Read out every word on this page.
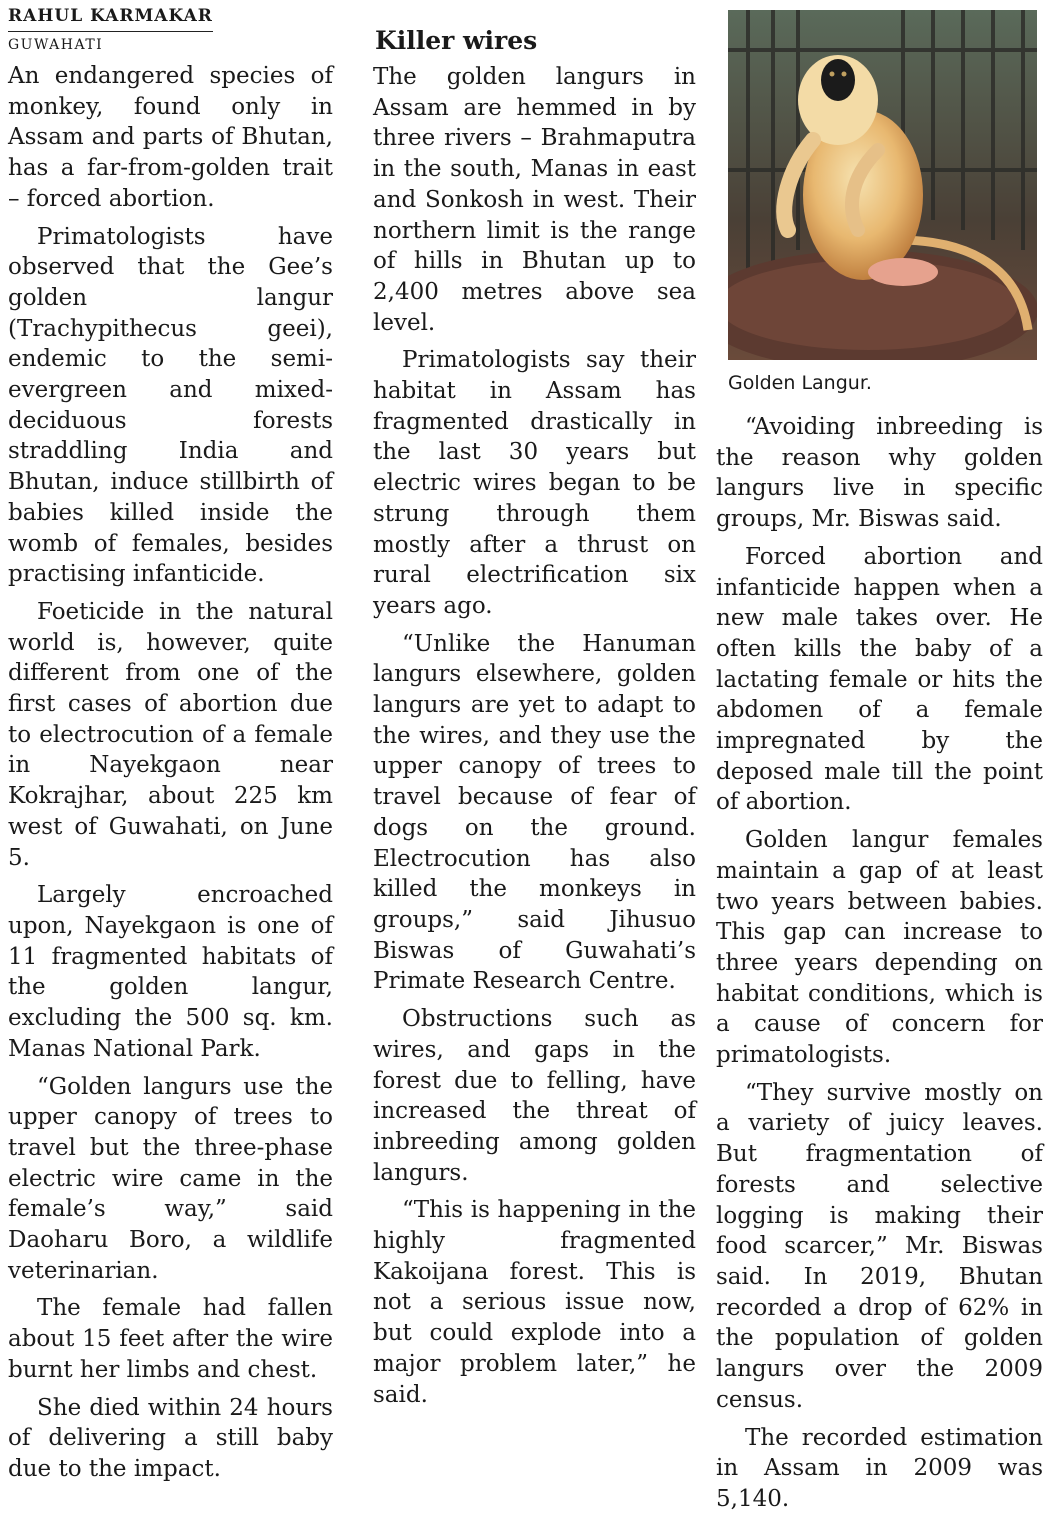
RAHUL KARMAKAR
GUWAHATI

An endangered species of monkey, found only in Assam and parts of Bhutan, has a far-from-golden trait – forced abortion.

Primatologists have observed that the Gee’s golden langur (Trachypithecus geei), endemic to the semi-evergreen and mixed-deciduous forests straddling India and Bhutan, induce stillbirth of babies killed inside the womb of females, besides practising infanticide.

Foeticide in the natural world is, however, quite different from one of the first cases of abortion due to electrocution of a female in Nayekgaon near Kokrajhar, about 225 km west of Guwahati, on June 5.

Largely encroached upon, Nayekgaon is one of 11 fragmented habitats of the golden langur, excluding the 500 sq. km. Manas National Park.

“Golden langurs use the upper canopy of trees to travel but the three-phase electric wire came in the female’s way,” said Daoharu Boro, a wildlife veterinarian.

The female had fallen about 15 feet after the wire burnt her limbs and chest.

She died within 24 hours of delivering a still baby due to the impact.

Killer wires

The golden langurs in Assam are hemmed in by three rivers – Brahmaputra in the south, Manas in east and Sonkosh in west. Their northern limit is the range of hills in Bhutan up to 2,400 metres above sea level.

Primatologists say their habitat in Assam has fragmented drastically in the last 30 years but electric wires began to be strung through them mostly after a thrust on rural electrification six years ago.

“Unlike the Hanuman langurs elsewhere, golden langurs are yet to adapt to the wires, and they use the upper canopy of trees to travel because of fear of dogs on the ground. Electrocution has also killed the monkeys in groups,” said Jihusuo Biswas of Guwahati’s Primate Research Centre.

Obstructions such as wires, and gaps in the forest due to felling, have increased the threat of inbreeding among golden langurs.

“This is happening in the highly fragmented Kakoijana forest. This is not a serious issue now, but could explode into a major problem later,” he said.

Golden Langur.

“Avoiding inbreeding is the reason why golden langurs live in specific groups, Mr. Biswas said.

Forced abortion and infanticide happen when a new male takes over. He often kills the baby of a lactating female or hits the abdomen of a female impregnated by the deposed male till the point of abortion.

Golden langur females maintain a gap of at least two years between babies. This gap can increase to three years depending on habitat conditions, which is a cause of concern for primatologists.

“They survive mostly on a variety of juicy leaves. But fragmentation of forests and selective logging is making their food scarcer,” Mr. Biswas said. In 2019, Bhutan recorded a drop of 62% in the population of golden langurs over the 2009 census.

The recorded estimation in Assam in 2009 was 5,140.
